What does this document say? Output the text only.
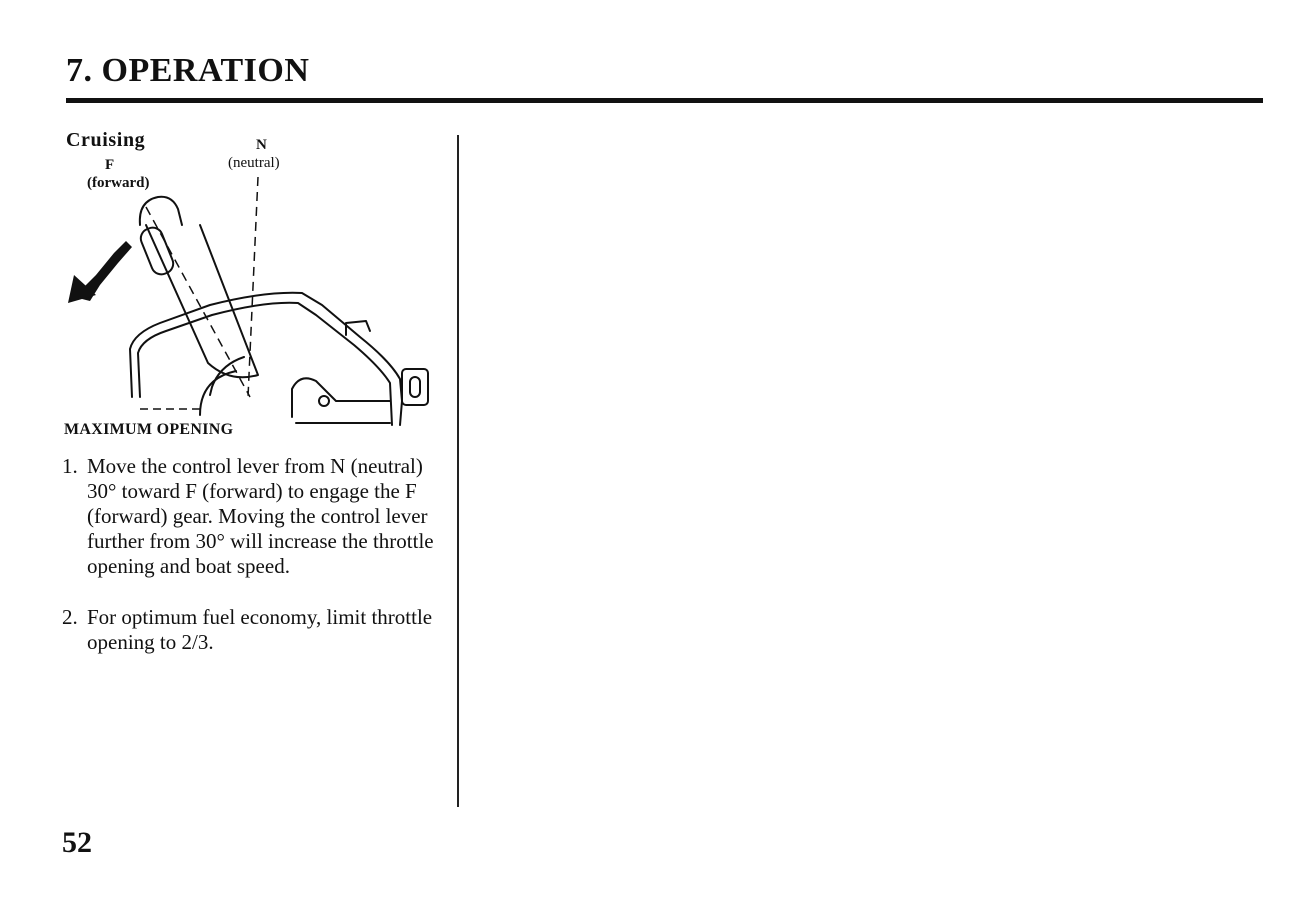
7. OPERATION
Cruising
F
(forward)
N
(neutral)
MAXIMUM OPENING
1. Move the control lever from N (neutral) 30° toward F (forward) to engage the F (forward) gear. Moving the control lever further from 30° will increase the throttle opening and boat speed.
2. For optimum fuel economy, limit throttle opening to 2/3.
52
